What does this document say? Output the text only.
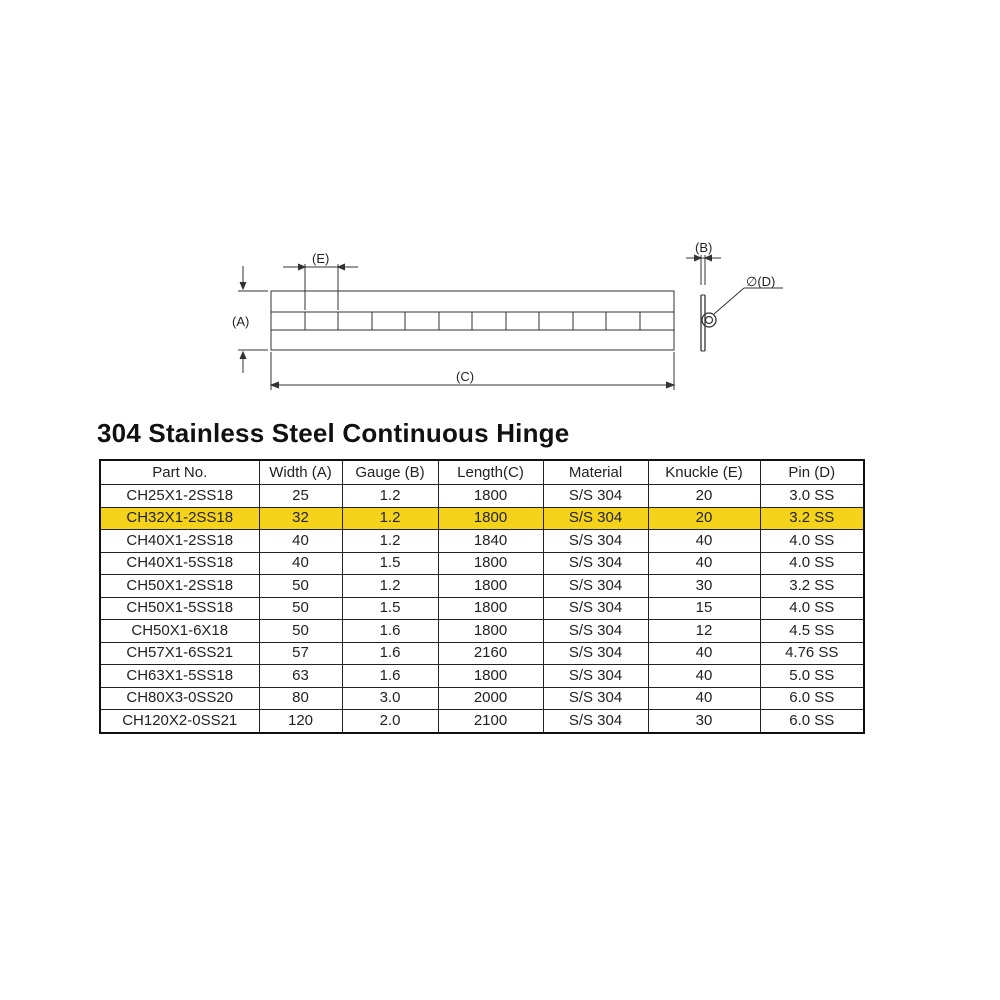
(A)
(E)
(C)
(B)
∅(D)
304 Stainless Steel Continuous Hinge
Part No.	Width (A)	Gauge (B)	Length(C)	Material	Knuckle (E)	Pin (D)
CH25X1-2SS18	25	1.2	1800	S/S 304	20	3.0 SS
CH32X1-2SS18	32	1.2	1800	S/S 304	20	3.2 SS
CH40X1-2SS18	40	1.2	1840	S/S 304	40	4.0 SS
CH40X1-5SS18	40	1.5	1800	S/S 304	40	4.0 SS
CH50X1-2SS18	50	1.2	1800	S/S 304	30	3.2 SS
CH50X1-5SS18	50	1.5	1800	S/S 304	15	4.0 SS
CH50X1-6X18	50	1.6	1800	S/S 304	12	4.5 SS
CH57X1-6SS21	57	1.6	2160	S/S 304	40	4.76 SS
CH63X1-5SS18	63	1.6	1800	S/S 304	40	5.0 SS
CH80X3-0SS20	80	3.0	2000	S/S 304	40	6.0 SS
CH120X2-0SS21	120	2.0	2100	S/S 304	30	6.0 SS
